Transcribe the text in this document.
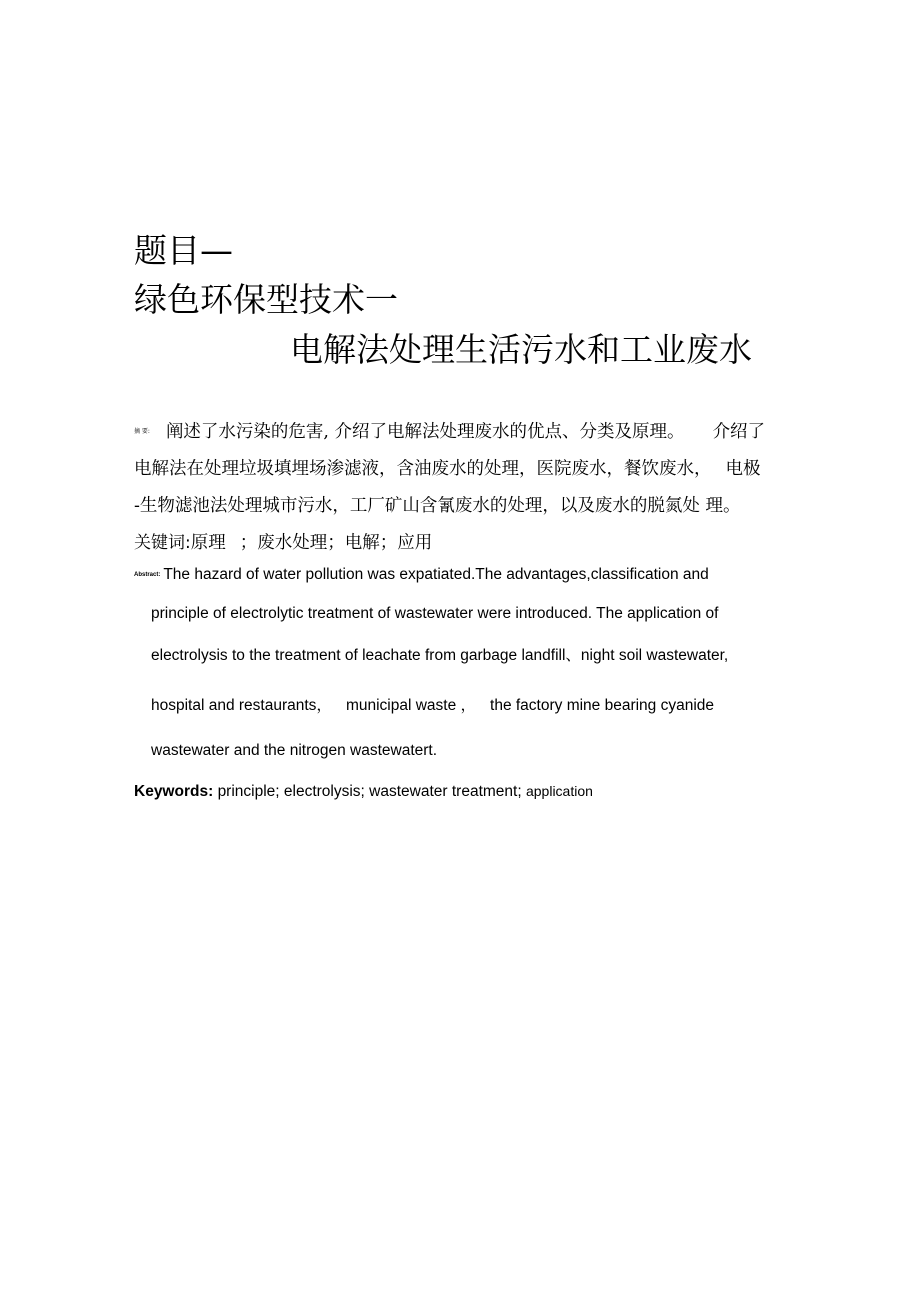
题目—
绿色环保型技术一
电解法处理生活污水和工业废水
$^{摘 要:}$ 阐述了水污染的危害, 介绍了电解法处理废水的优点、分类及原理。 介绍了
电解法在处理垃圾填埋场渗滤液，含油废水的处理，医院废水，餐饮废水， 电极
-生物滤池法处理城市污水，工厂矿山含氰废水的处理，以及废水的脱氮处 理。
关键词:原理 ；废水处理；电解；应用
Abstract: The hazard of water pollution was expatiated.The advantages,classification and
principle of electrolytic treatment of wastewater were introduced. The application of
electrolysis to the treatment of leachate from garbage landfill、night soil wastewater,
hospital and restaurants， municipal waste ， the factory mine bearing cyanide
wastewater and the nitrogen wastewatert.
Keywords: principle; electrolysis; wastewater treatment; application
